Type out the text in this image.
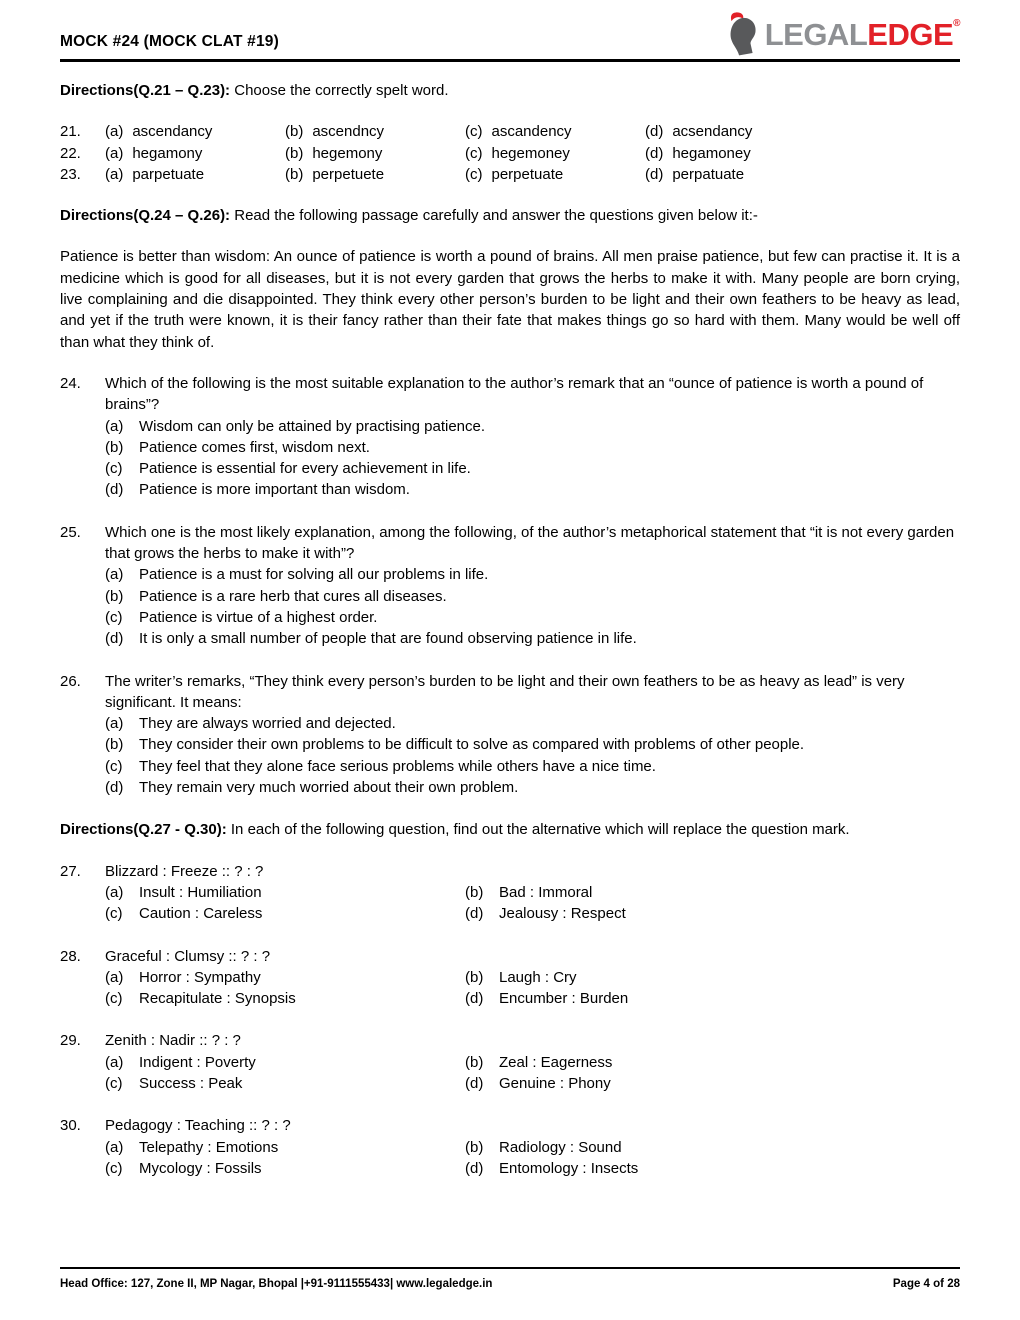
MOCK #24 (MOCK CLAT #19)	LEGALEDGE®

Directions(Q.21 – Q.23): Choose the correctly spelt word.

21.	(a) ascendancy	(b) ascendncy	(c) ascandency	(d) acsendancy
22.	(a) hegamony	(b) hegemony	(c) hegemoney	(d) hegamoney
23.	(a) parpetuate	(b) perpetuete	(c) perpetuate	(d) perpatuate

Directions(Q.24 – Q.26): Read the following passage carefully and answer the questions given below it:-

Patience is better than wisdom: An ounce of patience is worth a pound of brains. All men praise patience, but few can practise it. It is a medicine which is good for all diseases, but it is not every garden that grows the herbs to make it with. Many people are born crying, live complaining and die disappointed. They think every other person’s burden to be light and their own feathers to be heavy as lead, and yet if the truth were known, it is their fancy rather than their fate that makes things go so hard with them. Many would be well off than what they think of.

24.	Which of the following is the most suitable explanation to the author’s remark that an “ounce of patience is worth a pound of brains”?
(a)	Wisdom can only be attained by practising patience.
(b)	Patience comes first, wisdom next.
(c)	Patience is essential for every achievement in life.
(d)	Patience is more important than wisdom.
25.	Which one is the most likely explanation, among the following, of the author’s metaphorical statement that “it is not every garden that grows the herbs to make it with”?
(a)	Patience is a must for solving all our problems in life.
(b)	Patience is a rare herb that cures all diseases.
(c)	Patience is virtue of a highest order.
(d)	It is only a small number of people that are found observing patience in life.
26.	The writer’s remarks, “They think every person’s burden to be light and their own feathers to be as heavy as lead” is very significant. It means:
(a)	They are always worried and dejected.
(b)	They consider their own problems to be difficult to solve as compared with problems of other people.
(c)	They feel that they alone face serious problems while others have a nice time.
(d)	They remain very much worried about their own problem.

Directions(Q.27 - Q.30): In each of the following question, find out the alternative which will replace the question mark.

27.	Blizzard : Freeze :: ? : ?
(a)	Insult : Humiliation	(b)	Bad : Immoral
(c)	Caution : Careless	(d)	Jealousy : Respect
28.	Graceful : Clumsy :: ? : ?
(a)	Horror : Sympathy	(b)	Laugh : Cry
(c)	Recapitulate : Synopsis	(d)	Encumber : Burden
29.	Zenith : Nadir :: ? : ?
(a)	Indigent : Poverty	(b)	Zeal : Eagerness
(c)	Success : Peak	(d)	Genuine : Phony
30.	Pedagogy : Teaching :: ? : ?
(a)	Telepathy : Emotions	(b)	Radiology : Sound
(c)	Mycology : Fossils	(d)	Entomology : Insects
Head Office: 127, Zone II, MP Nagar, Bhopal |+91-9111555433| www.legaledge.in	Page 4 of 28
